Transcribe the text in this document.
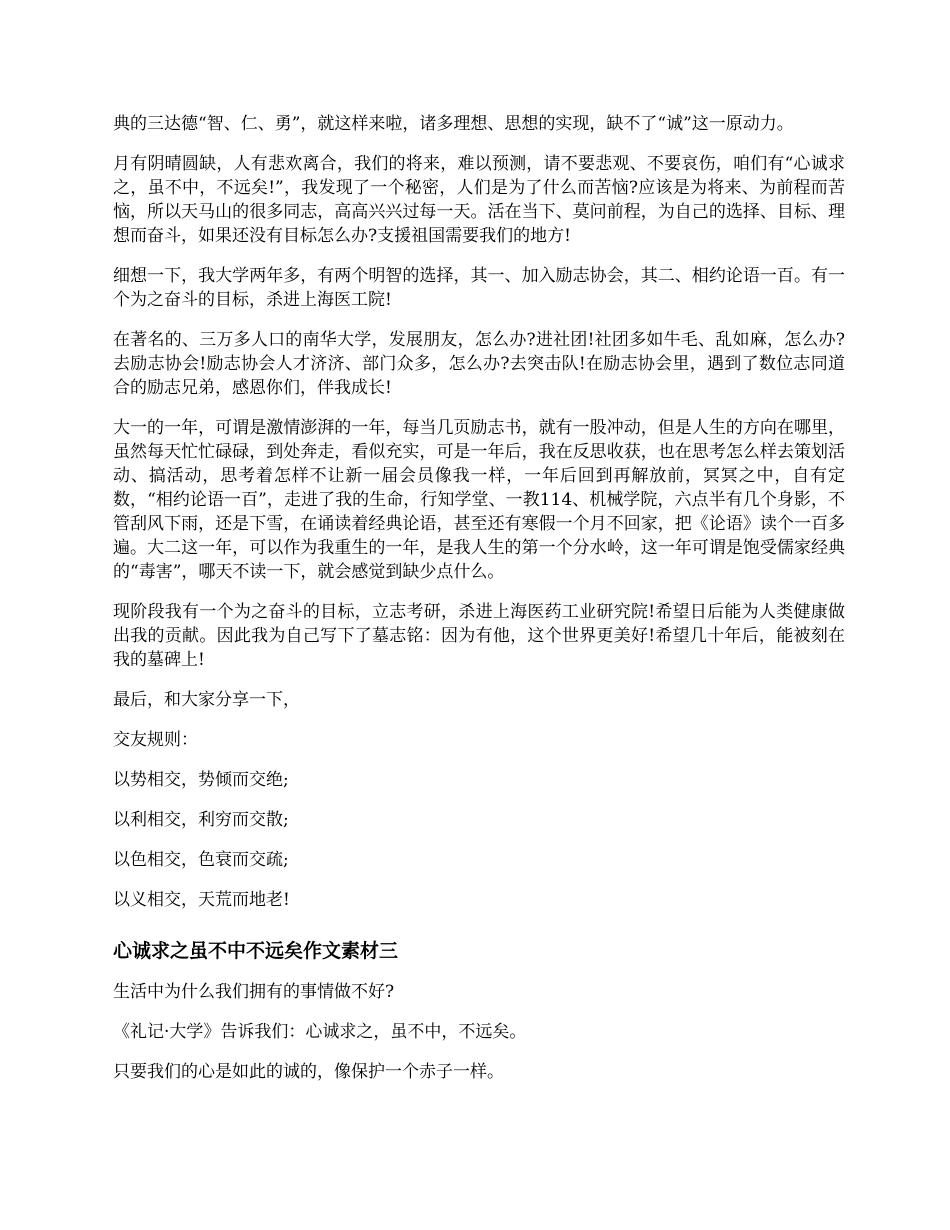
典的三达德“智、仁、勇”，就这样来啦，诸多理想、思想的实现，缺不了“诚”这一原动力。

月有阴晴圆缺，人有悲欢离合，我们的将来，难以预测，请不要悲观、不要哀伤，咱们有“心诚求之，虽不中，不远矣!”，我发现了一个秘密，人们是为了什么而苦恼?应该是为将来、为前程而苦恼，所以天马山的很多同志，高高兴兴过每一天。活在当下、莫问前程，为自己的选择、目标、理想而奋斗，如果还没有目标怎么办?支援祖国需要我们的地方!

细想一下，我大学两年多，有两个明智的选择，其一、加入励志协会，其二、相约论语一百。有一个为之奋斗的目标，杀进上海医工院!

在著名的、三万多人口的南华大学，发展朋友，怎么办?进社团!社团多如牛毛、乱如麻，怎么办?去励志协会!励志协会人才济济、部门众多，怎么办?去突击队!在励志协会里，遇到了数位志同道合的励志兄弟，感恩你们，伴我成长!

大一的一年，可谓是激情澎湃的一年，每当几页励志书，就有一股冲动，但是人生的方向在哪里，虽然每天忙忙碌碌，到处奔走，看似充实，可是一年后，我在反思收获，也在思考怎么样去策划活动、搞活动，思考着怎样不让新一届会员像我一样，一年后回到再解放前，冥冥之中，自有定数，“相约论语一百”，走进了我的生命，行知学堂、一教114、机械学院，六点半有几个身影，不管刮风下雨，还是下雪，在诵读着经典论语，甚至还有寒假一个月不回家，把《论语》读个一百多遍。大二这一年，可以作为我重生的一年，是我人生的第一个分水岭，这一年可谓是饱受儒家经典的“毒害”，哪天不读一下，就会感觉到缺少点什么。

现阶段我有一个为之奋斗的目标，立志考研，杀进上海医药工业研究院!希望日后能为人类健康做出我的贡献。因此我为自己写下了墓志铭：因为有他，这个世界更美好!希望几十年后，能被刻在我的墓碑上!

最后，和大家分享一下，

交友规则：

以势相交，势倾而交绝;

以利相交，利穷而交散;

以色相交，色衰而交疏;

以义相交，天荒而地老!

心诚求之虽不中不远矣作文素材三

生活中为什么我们拥有的事情做不好?

《礼记·大学》告诉我们：心诚求之，虽不中，不远矣。

只要我们的心是如此的诚的，像保护一个赤子一样。
